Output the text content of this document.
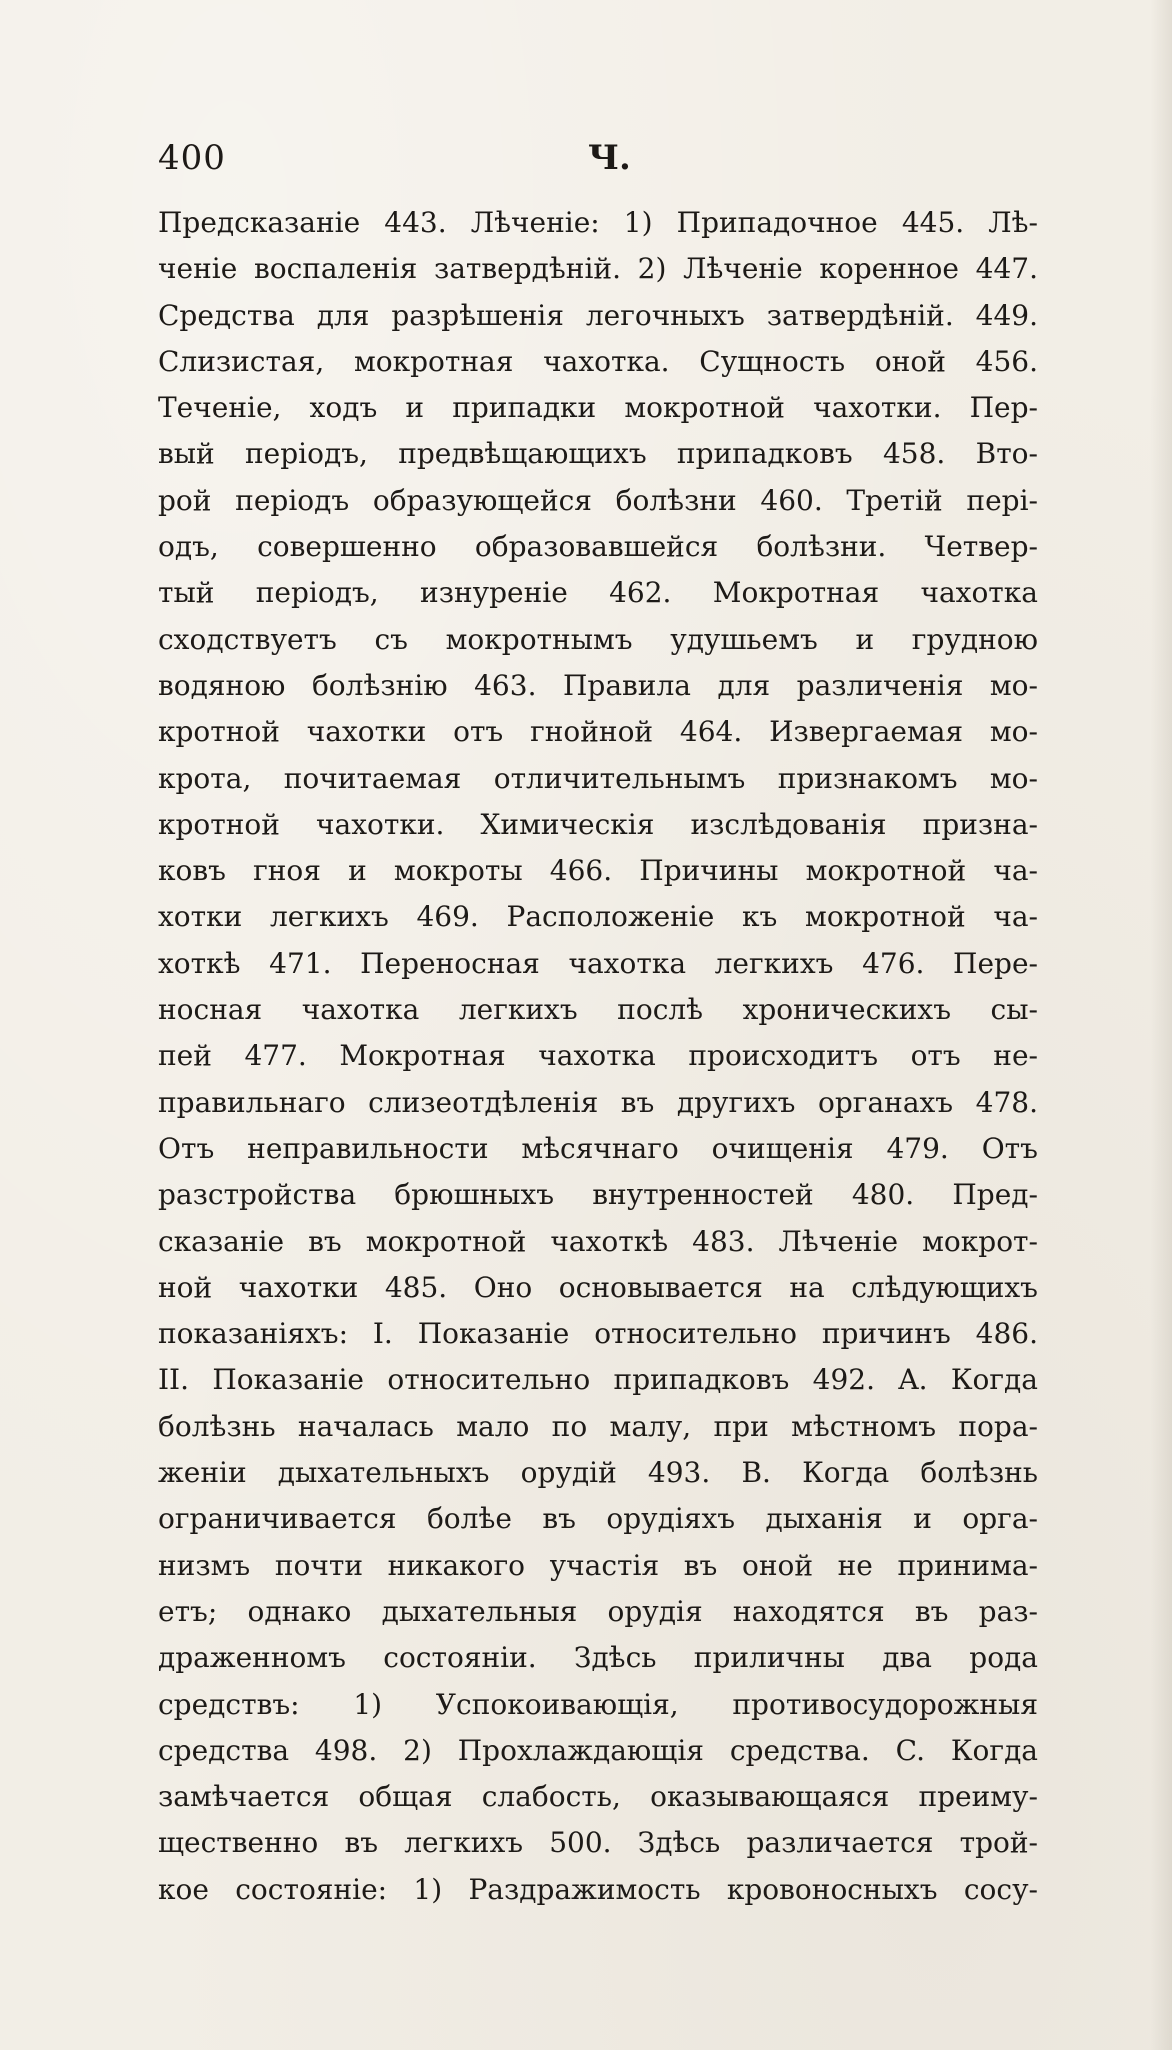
400	Ч.
Предсказаніе 443. Лѣченіе: 1) Припадочное 445. Лѣ-
ченіе воспаленія затвердѣній. 2) Лѣченіе коренное 447.
Средства для разрѣшенія легочныхъ затвердѣній. 449.
Слизистая, мокротная чахотка. Сущность оной 456.
Теченіе, ходъ и припадки мокротной чахотки. Пер-
вый періодъ, предвѣщающихъ припадковъ 458. Вто-
рой періодъ образующейся болѣзни 460. Третій пері-
одъ, совершенно образовавшейся болѣзни. Четвер-
тый періодъ, изнуреніе 462. Мокротная чахотка
сходствуетъ съ мокротнымъ удушьемъ и грудною
водяною болѣзнію 463. Правила для различенія мо-
кротной чахотки отъ гнойной 464. Извергаемая мо-
крота, почитаемая отличительнымъ признакомъ мо-
кротной чахотки. Химическія изслѣдованія призна-
ковъ гноя и мокроты 466. Причины мокротной ча-
хотки легкихъ 469. Расположеніе къ мокротной ча-
хоткѣ 471. Переносная чахотка легкихъ 476. Пере-
носная чахотка легкихъ послѣ хроническихъ сы-
пей 477. Мокротная чахотка происходитъ отъ не-
правильнаго слизеотдѣленія въ другихъ органахъ 478.
Отъ неправильности мѣсячнаго очищенія 479. Отъ
разстройства брюшныхъ внутренностей 480. Пред-
сказаніе въ мокротной чахоткѣ 483. Лѣченіе мокрот-
ной чахотки 485. Оно основывается на слѣдующихъ
показаніяхъ: I. Показаніе относительно причинъ 486.
II. Показаніе относительно припадковъ 492. A. Когда
болѣзнь началась мало по малу, при мѣстномъ пора-
женіи дыхательныхъ орудій 493. B. Когда болѣзнь
ограничивается болѣе въ орудіяхъ дыханія и орга-
низмъ почти никакого участія въ оной не принима-
етъ; однако дыхательныя орудія находятся въ раз-
драженномъ состояніи. Здѣсь приличны два рода
средствъ: 1) Успокоивающія, противосудорожныя
средства 498. 2) Прохлаждающія средства. C. Когда
замѣчается общая слабость, оказывающаяся преиму-
щественно въ легкихъ 500. Здѣсь различается трой-
кое состояніе: 1) Раздражимость кровоносныхъ сосу-
